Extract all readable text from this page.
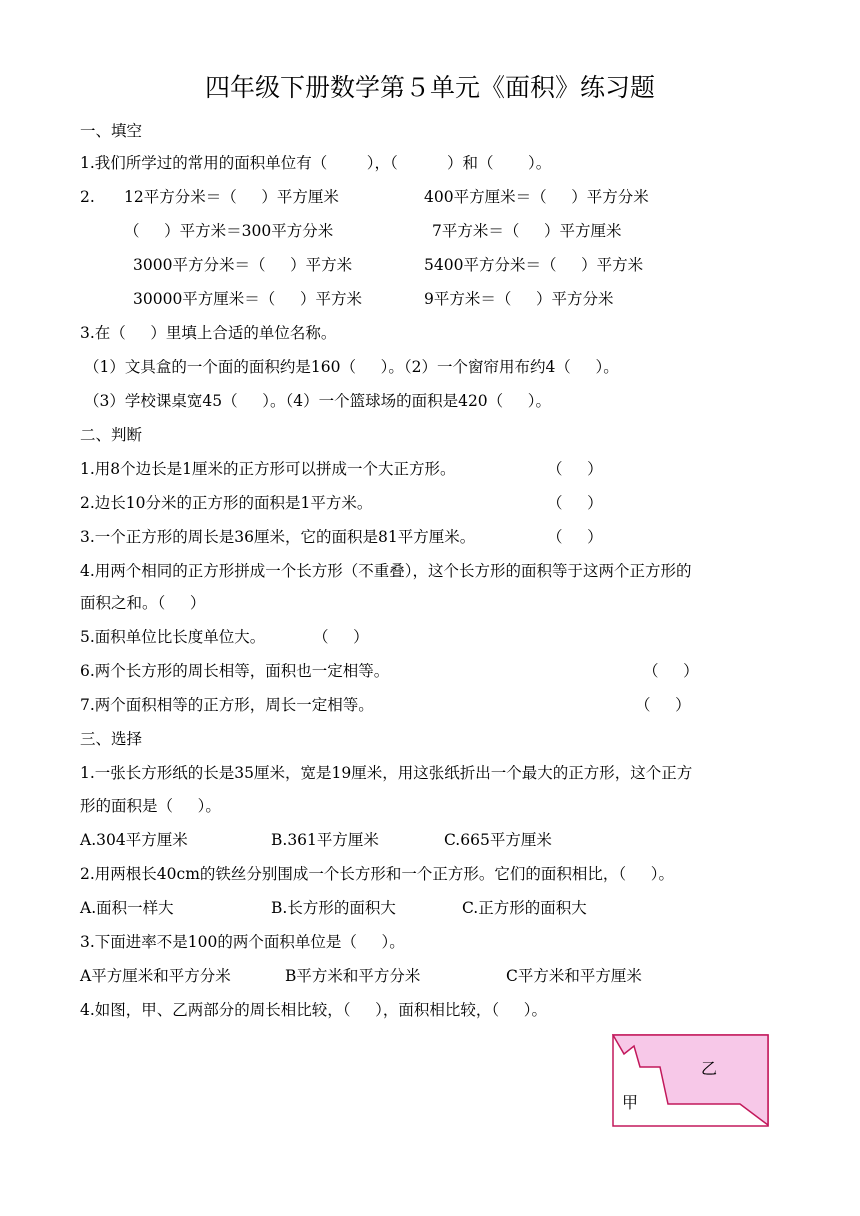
四年级下册数学第５单元《面积》练习题

一、填空

1.我们所学过的常用的面积单位有（        ），（          ）和（       ）。

2. 12平方分米＝（     ）平方厘米	400平方厘米＝（     ）平方分米

（     ）平方米＝300平方分米	7平方米＝（     ）平方厘米

3000平方分米＝（     ）平方米	5400平方分米＝（     ）平方米

30000平方厘米＝（     ）平方米	9平方米＝（     ）平方分米

3.在（     ）里填上合适的单位名称。

（1）文具盒的一个面的面积约是160（     ）。（2）一个窗帘用布约4（     ）。

（3）学校课桌宽45（     ）。（4）一个篮球场的面积是420（     ）。

二、判断

1.用8个边长是1厘米的正方形可以拼成一个大正方形。	（     ）

2.边长10分米的正方形的面积是1平方米。	（     ）

3.一个正方形的周长是36厘米，它的面积是81平方厘米。	（     ）

4.用两个相同的正方形拼成一个长方形（不重叠），这个长方形的面积等于这两个正方形的

面积之和。（     ）

5.面积单位比长度单位大。	（     ）

6.两个长方形的周长相等，面积也一定相等。	（     ）

7.两个面积相等的正方形，周长一定相等。	（     ）

三、选择

1.一张长方形纸的长是35厘米，宽是19厘米，用这张纸折出一个最大的正方形，这个正方

形的面积是（     ）。

A.304平方厘米	B.361平方厘米	C.665平方厘米

2.用两根长40cm的铁丝分别围成一个长方形和一个正方形。它们的面积相比，（     ）。

A.面积一样大	B.长方形的面积大	C.正方形的面积大

3.下面进率不是100的两个面积单位是（     ）。

A平方厘米和平方分米	B平方米和平方分米	C平方米和平方厘米

4.如图，甲、乙两部分的周长相比较，（     ），面积相比较，（     ）。

乙
甲
